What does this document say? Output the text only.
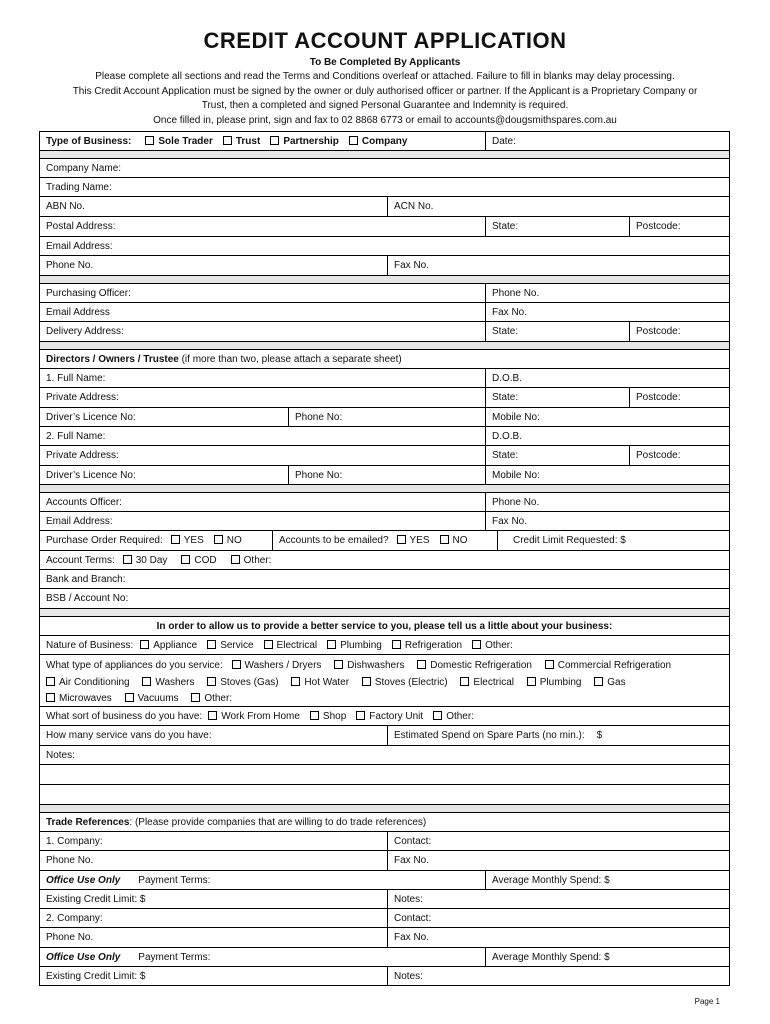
CREDIT ACCOUNT APPLICATION
To Be Completed By Applicants
Please complete all sections and read the Terms and Conditions overleaf or attached. Failure to fill in blanks may delay processing.
This Credit Account Application must be signed by the owner or duly authorised officer or partner. If the Applicant is a Proprietary Company or
Trust, then a completed and signed Personal Guarantee and Indemnity is required.
Once filled in, please print, sign and fax to 02 8868 6773 or email to accounts@dougsmithspares.com.au
Type of Business:	Sole Trader	Trust	Partnership	Company	Date:
Company Name:
Trading Name:
ABN No.	ACN No.
Postal Address:	State:	Postcode:
Email Address:
Phone No.	Fax No.
Purchasing Officer:	Phone No.
Email Address	Fax No.
Delivery Address:	State:	Postcode:
Directors / Owners / Trustee (if more than two, please attach a separate sheet)
1. Full Name:	D.O.B.
Private Address:	State:	Postcode:
Driver’s Licence No:	Phone No:	Mobile No:
2. Full Name:	D.O.B.
Private Address:	State:	Postcode:
Driver’s Licence No:	Phone No:	Mobile No:
Accounts Officer:	Phone No.
Email Address:	Fax No.
Purchase Order Required:	YES	NO	Accounts to be emailed?	YES	NO	Credit Limit Requested: $
Account Terms:	30 Day	COD	Other:
Bank and Branch:
BSB / Account No:
In order to allow us to provide a better service to you, please tell us a little about your business:
Nature of Business:	Appliance	Service	Electrical	Plumbing	Refrigeration	Other:
What type of appliances do you service: Washers / Dryers	Dishwashers	Domestic Refrigeration	Commercial Refrigeration
Air Conditioning	Washers	Stoves (Gas)	Hot Water	Stoves (Electric)	Electrical	Plumbing	Gas
Microwaves	Vacuums	Other:
What sort of business do you have:	Work From Home	Shop	Factory Unit	Other:
How many service vans do you have:	Estimated Spend on Spare Parts (no min.): $
Notes:
Trade References : (Please provide companies that are willing to do trade references)
1. Company:	Contact:
Phone No.	Fax No.
Office Use Only Payment Terms:	Average Monthly Spend: $
Existing Credit Limit: $	Notes:
2. Company:	Contact:
Phone No.	Fax No.
Office Use Only Payment Terms:	Average Monthly Spend: $
Existing Credit Limit: $	Notes:
Page 1
